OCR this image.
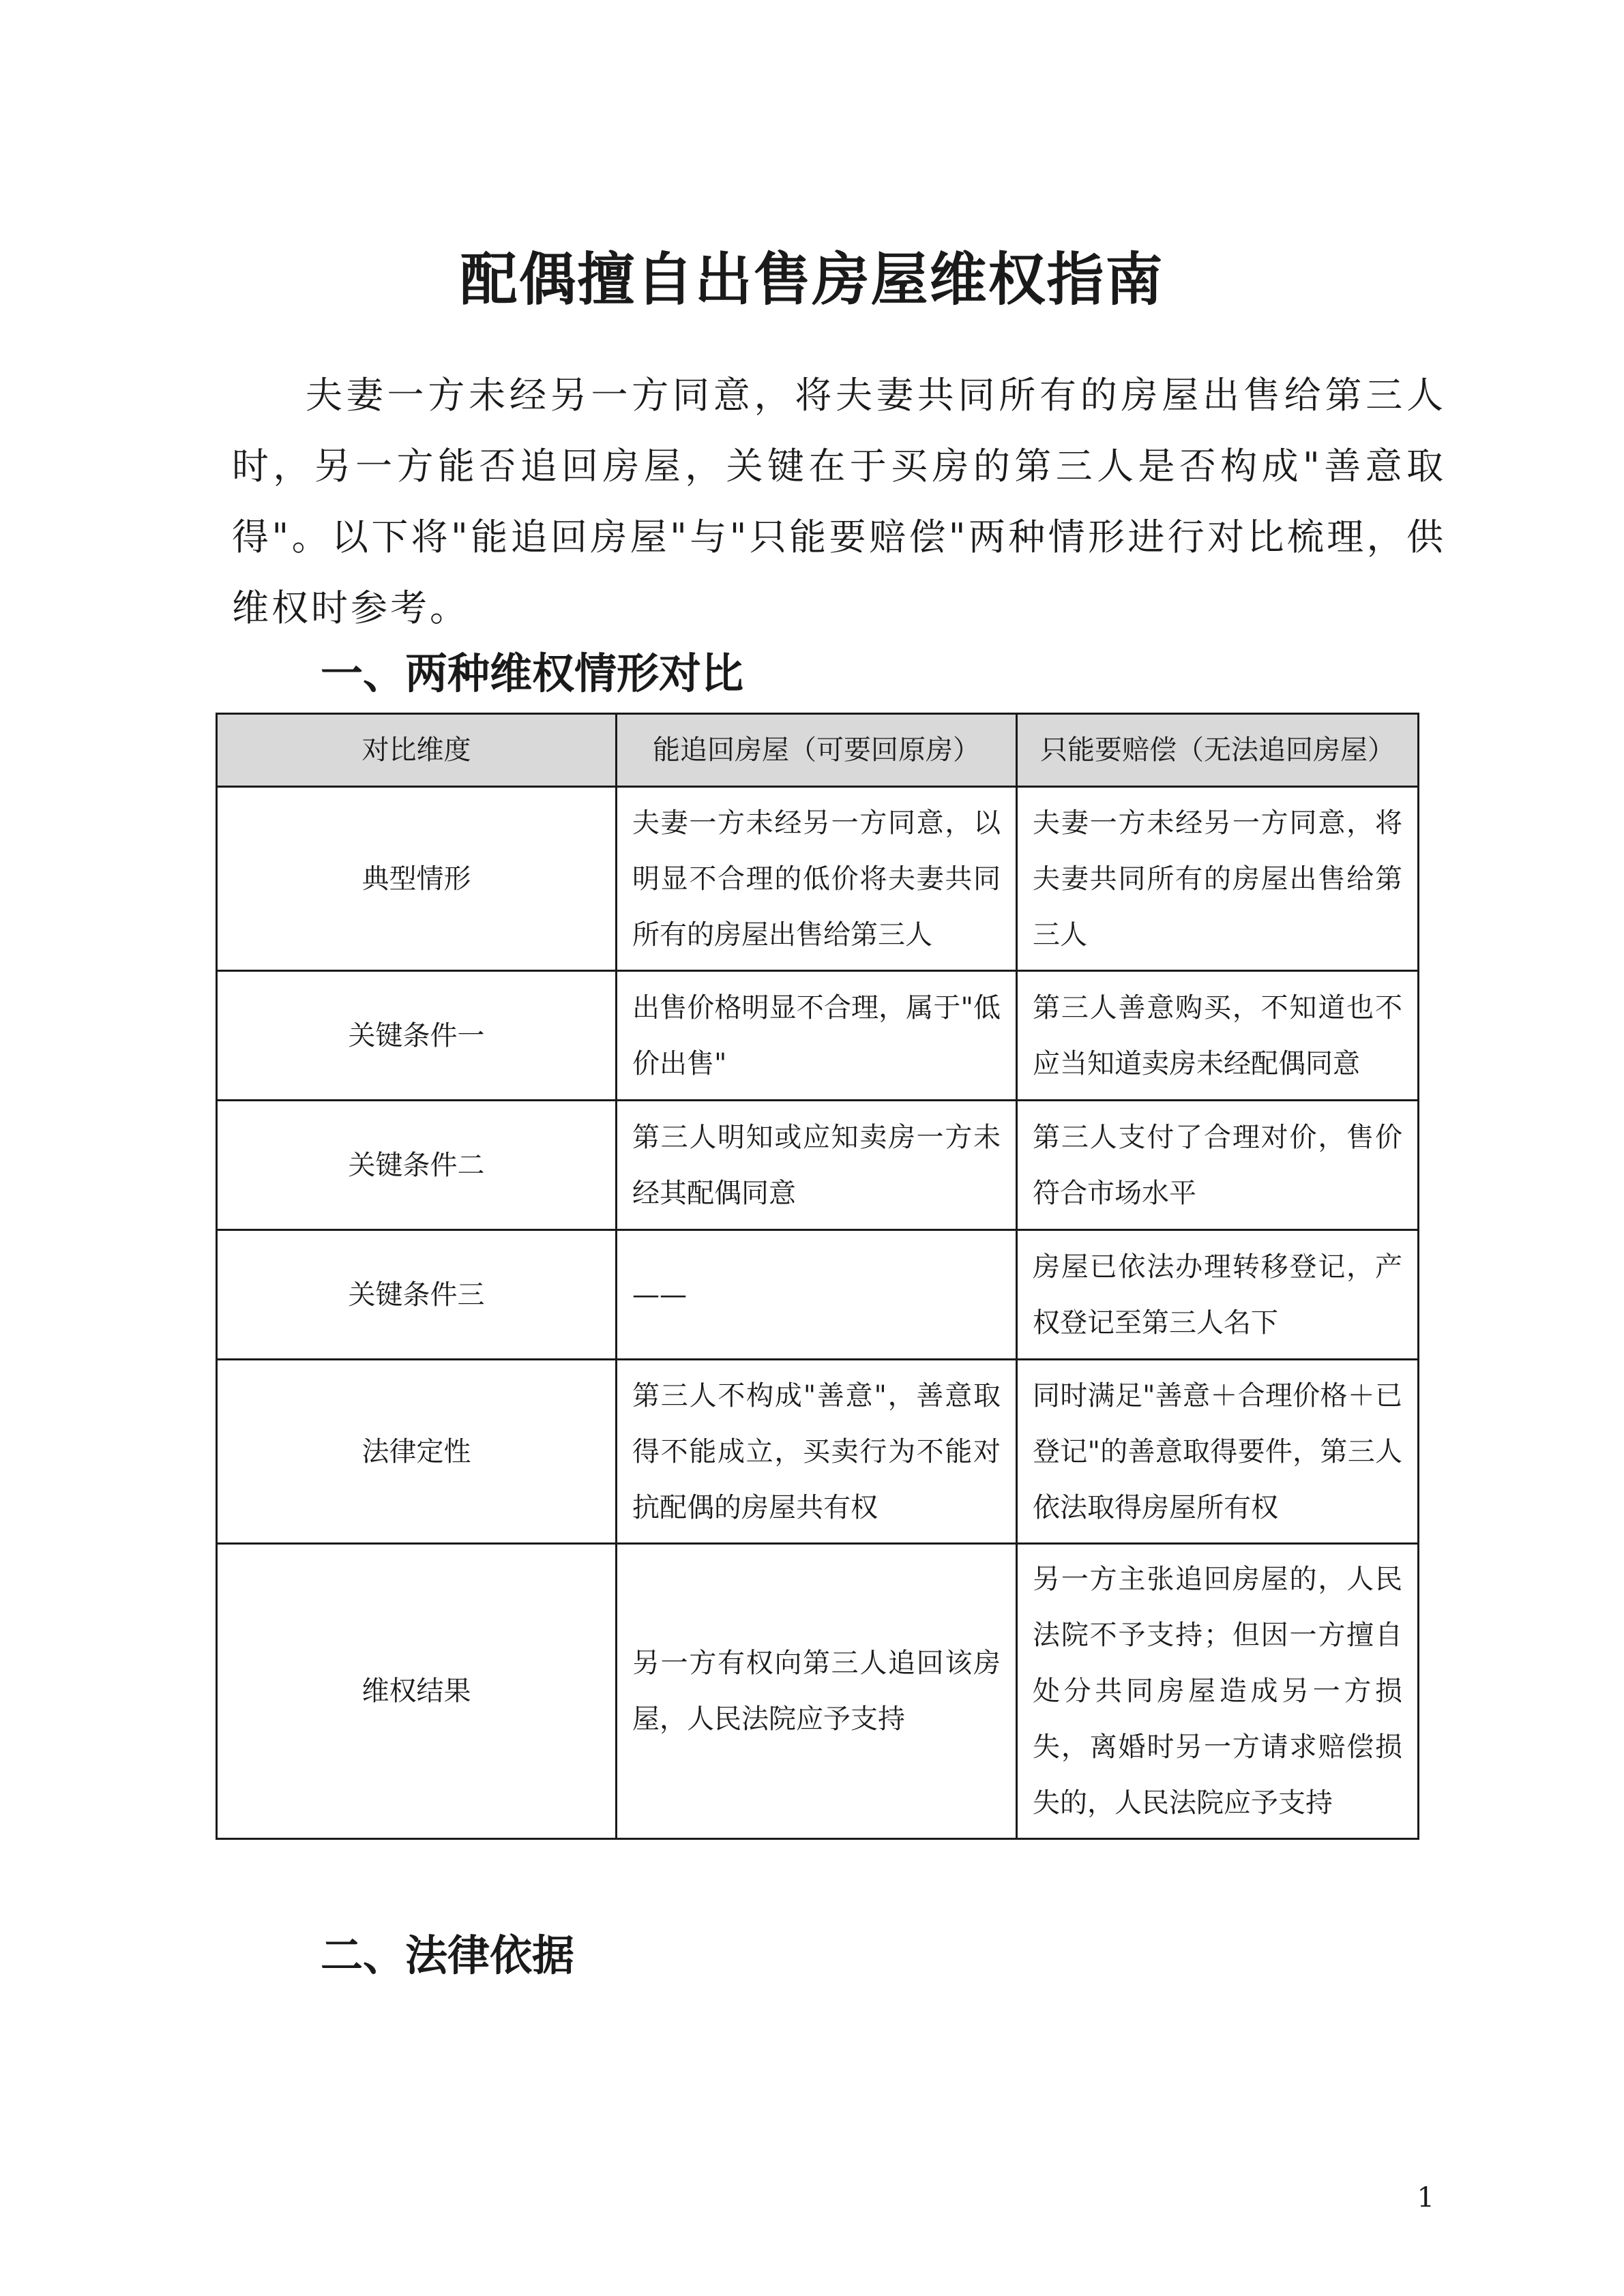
配偶擅自出售房屋维权指南

夫妻一方未经另一方同意，将夫妻共同所有的房屋出售给第三人时，另一方能否追回房屋，关键在于买房的第三人是否构成"善意取得"。以下将"能追回房屋"与"只能要赔偿"两种情形进行对比梳理，供维权时参考。

一、两种维权情形对比
对比维度	能追回房屋（可要回原房）	只能要赔偿（无法追回房屋）
典型情形	夫妻一方未经另一方同意，以明显不合理的低价将夫妻共同所有的房屋出售给第三人	夫妻一方未经另一方同意，将夫妻共同所有的房屋出售给第三人
关键条件一	出售价格明显不合理，属于"低价出售"	第三人善意购买，不知道也不应当知道卖房未经配偶同意
关键条件二	第三人明知或应知卖房一方未经其配偶同意	第三人支付了合理对价，售价符合市场水平
关键条件三	——	房屋已依法办理转移登记，产权登记至第三人名下
法律定性	第三人不构成"善意"，善意取得不能成立，买卖行为不能对抗配偶的房屋共有权	同时满足"善意＋合理价格＋已登记"的善意取得要件，第三人依法取得房屋所有权
维权结果	另一方有权向第三人追回该房屋，人民法院应予支持	另一方主张追回房屋的，人民法院不予支持；但因一方擅自处分共同房屋造成另一方损失，离婚时另一方请求赔偿损失的，人民法院应予支持
二、法律依据
1
